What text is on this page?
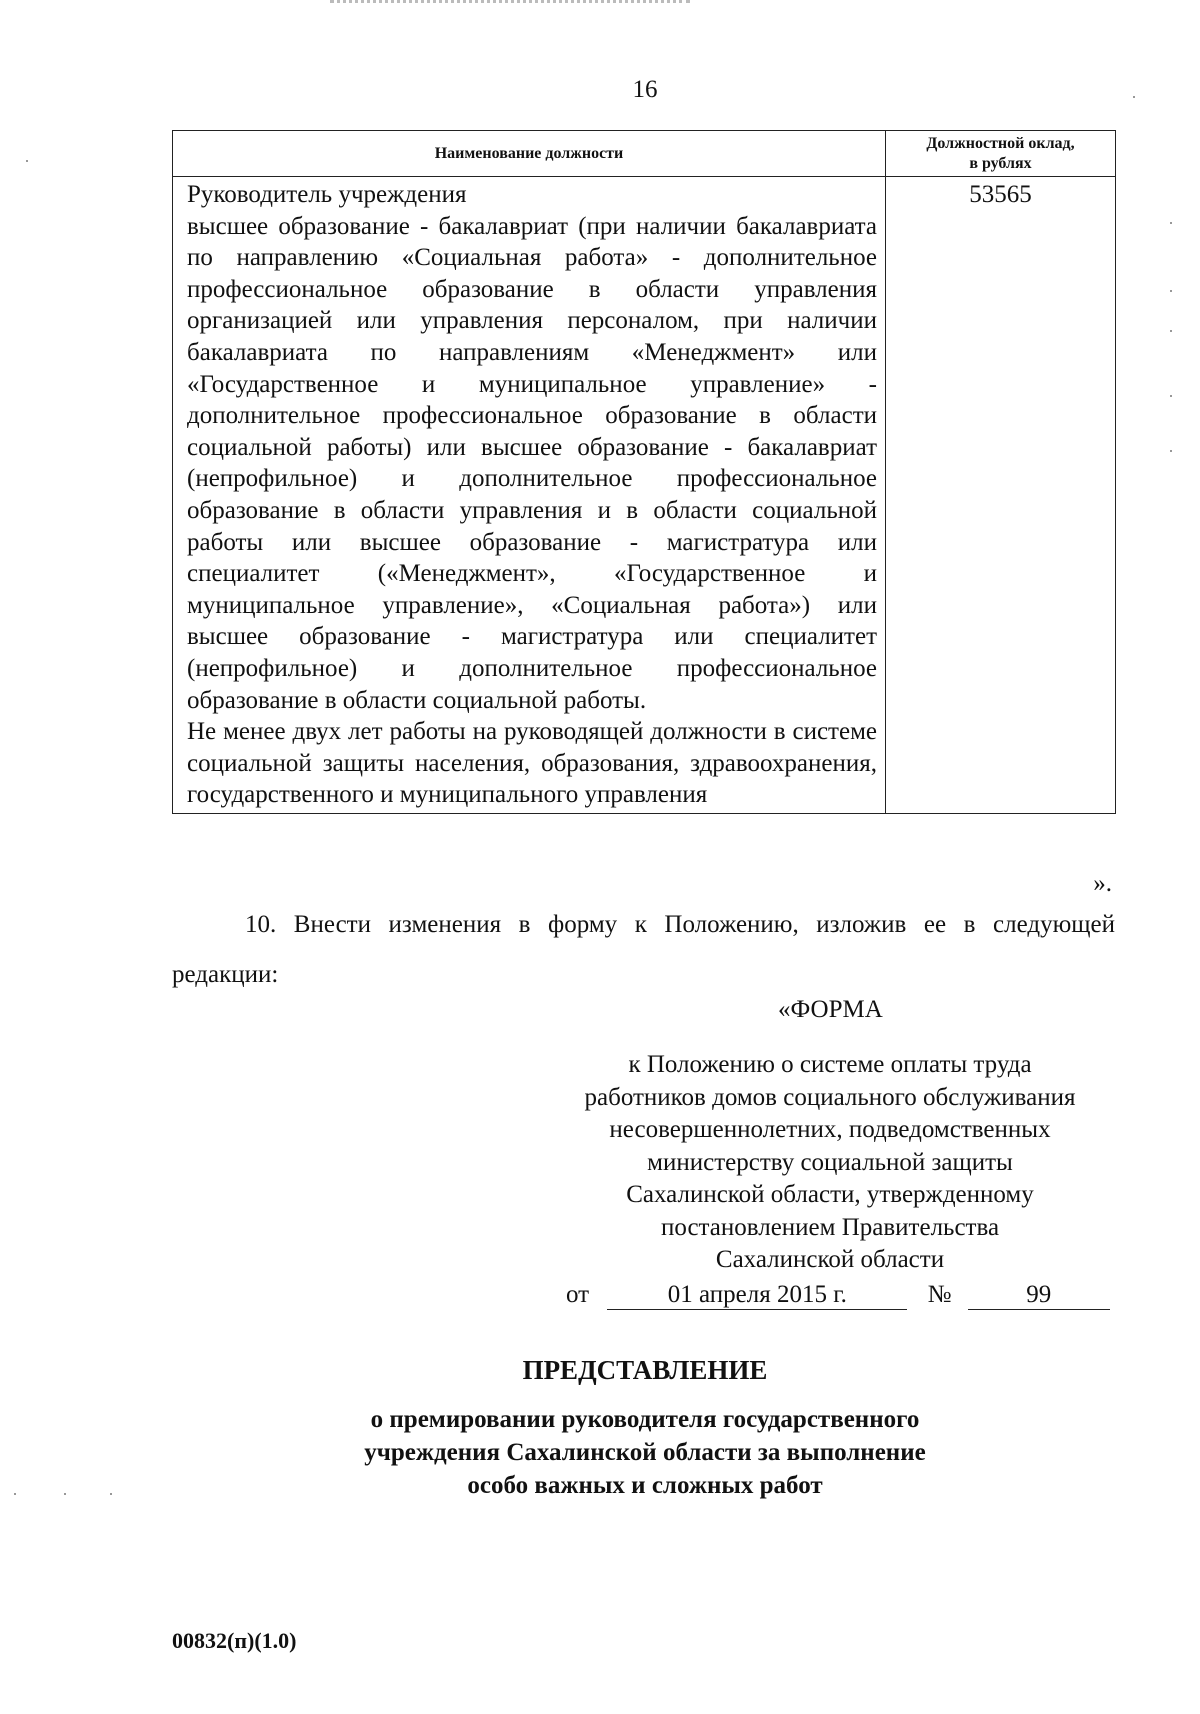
16
Наименование должности	Должностной оклад,
в рублях

Руководитель учреждения

высшее образование - бакалавриат (при наличии бакалавриата по направлению «Социальная работа» - дополнительное профессиональное образование в области управления организацией или управления персоналом, при наличии бакалавриата по направлениям «Менеджмент» или «Государственное и муниципальное управление» - дополнительное профессиональное образование в области социальной работы) или высшее образование - бакалавриат (непрофильное) и дополнительное профессиональное образование в области управления и в области социальной работы или высшее образование - магистратура или специалитет («Менеджмент», «Государственное и муниципальное управление», «Социальная работа») или высшее образование - магистратура или специалитет (непрофильное) и дополнительное профессиональное образование в области социальной работы.

Не менее двух лет работы на руководящей должности в системе социальной защиты населения, образования, здравоохранения, государственного и муниципального управления	53565
».

10. Внести изменения в форму к Положению, изложив ее в следующей

редакции:

«ФОРМА
к Положению о системе оплаты труда
работников домов социального обслуживания
несовершеннолетних, подведомственных
министерству социальной защиты
Сахалинской области, утвержденному
постановлением Правительства
Сахалинской области
от	01 апреля 2015 г.	№	99
ПРЕДСТАВЛЕНИЕ
о премировании руководителя государственного
учреждения Сахалинской области за выполнение
особо важных и сложных работ
00832(п)(1.0)
